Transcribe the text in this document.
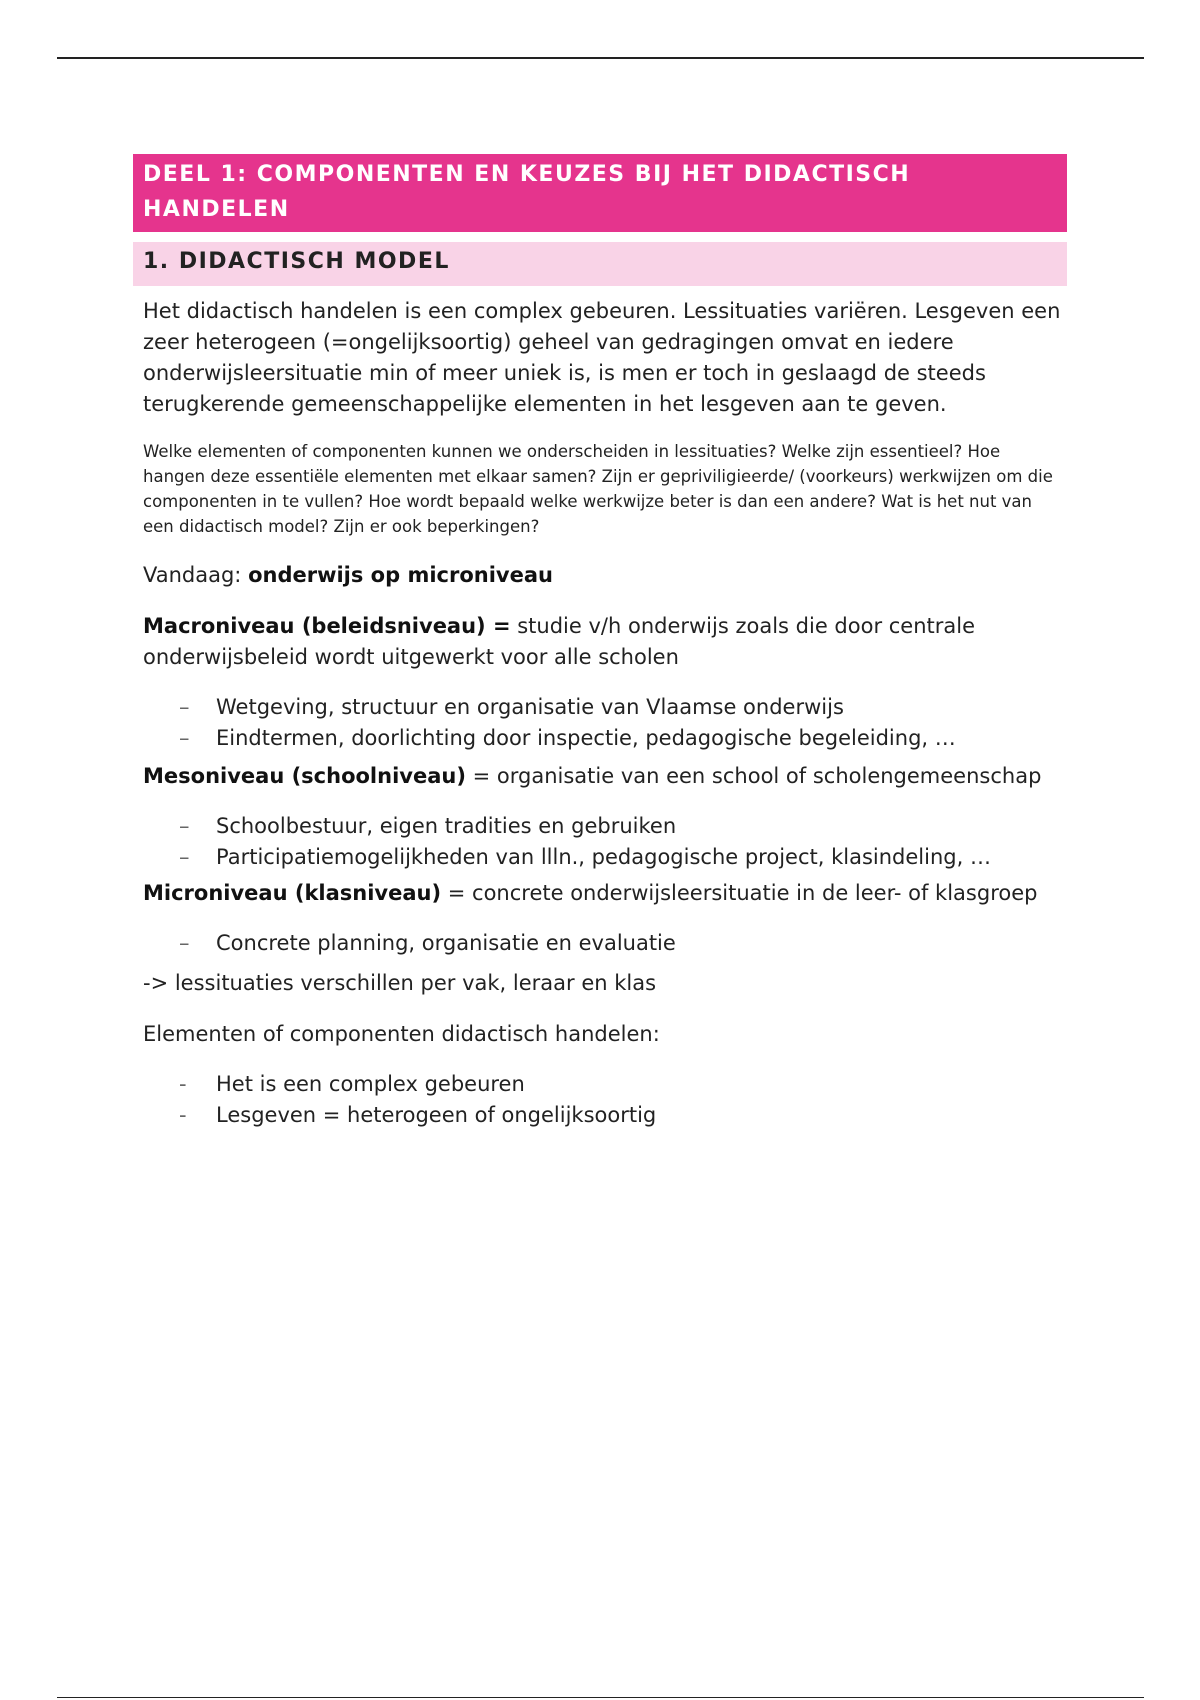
DEEL 1: COMPONENTEN EN KEUZES BIJ HET DIDACTISCH HANDELEN
1. DIDACTISCH MODEL

Het didactisch handelen is een complex gebeuren. Lessituaties variëren. Lesgeven een zeer heterogeen (=ongelijksoortig) geheel van gedragingen omvat en iedere onderwijsleersituatie min of meer uniek is, is men er toch in geslaagd de steeds terugkerende gemeenschappelijke elementen in het lesgeven aan te geven.

Welke elementen of componenten kunnen we onderscheiden in lessituaties? Welke zijn essentieel? Hoe hangen deze essentiële elementen met elkaar samen? Zijn er gepriviligieerde/ (voorkeurs) werkwijzen om die componenten in te vullen? Hoe wordt bepaald welke werkwijze beter is dan een andere? Wat is het nut van een didactisch model? Zijn er ook beperkingen?

Vandaag: onderwijs op microniveau

Macroniveau (beleidsniveau) = studie v/h onderwijs zoals die door centrale onderwijsbeleid wordt uitgewerkt voor alle scholen

– Wetgeving, structuur en organisatie van Vlaamse onderwijs
– Eindtermen, doorlichting door inspectie, pedagogische begeleiding, …

Mesoniveau (schoolniveau) = organisatie van een school of scholengemeenschap

– Schoolbestuur, eigen tradities en gebruiken
– Participatiemogelijkheden van llln., pedagogische project, klasindeling, …

Microniveau (klasniveau) = concrete onderwijsleersituatie in de leer- of klasgroep

– Concrete planning, organisatie en evaluatie

-> lessituaties verschillen per vak, leraar en klas

Elementen of componenten didactisch handelen:

- Het is een complex gebeuren
- Lesgeven = heterogeen of ongelijksoortig
